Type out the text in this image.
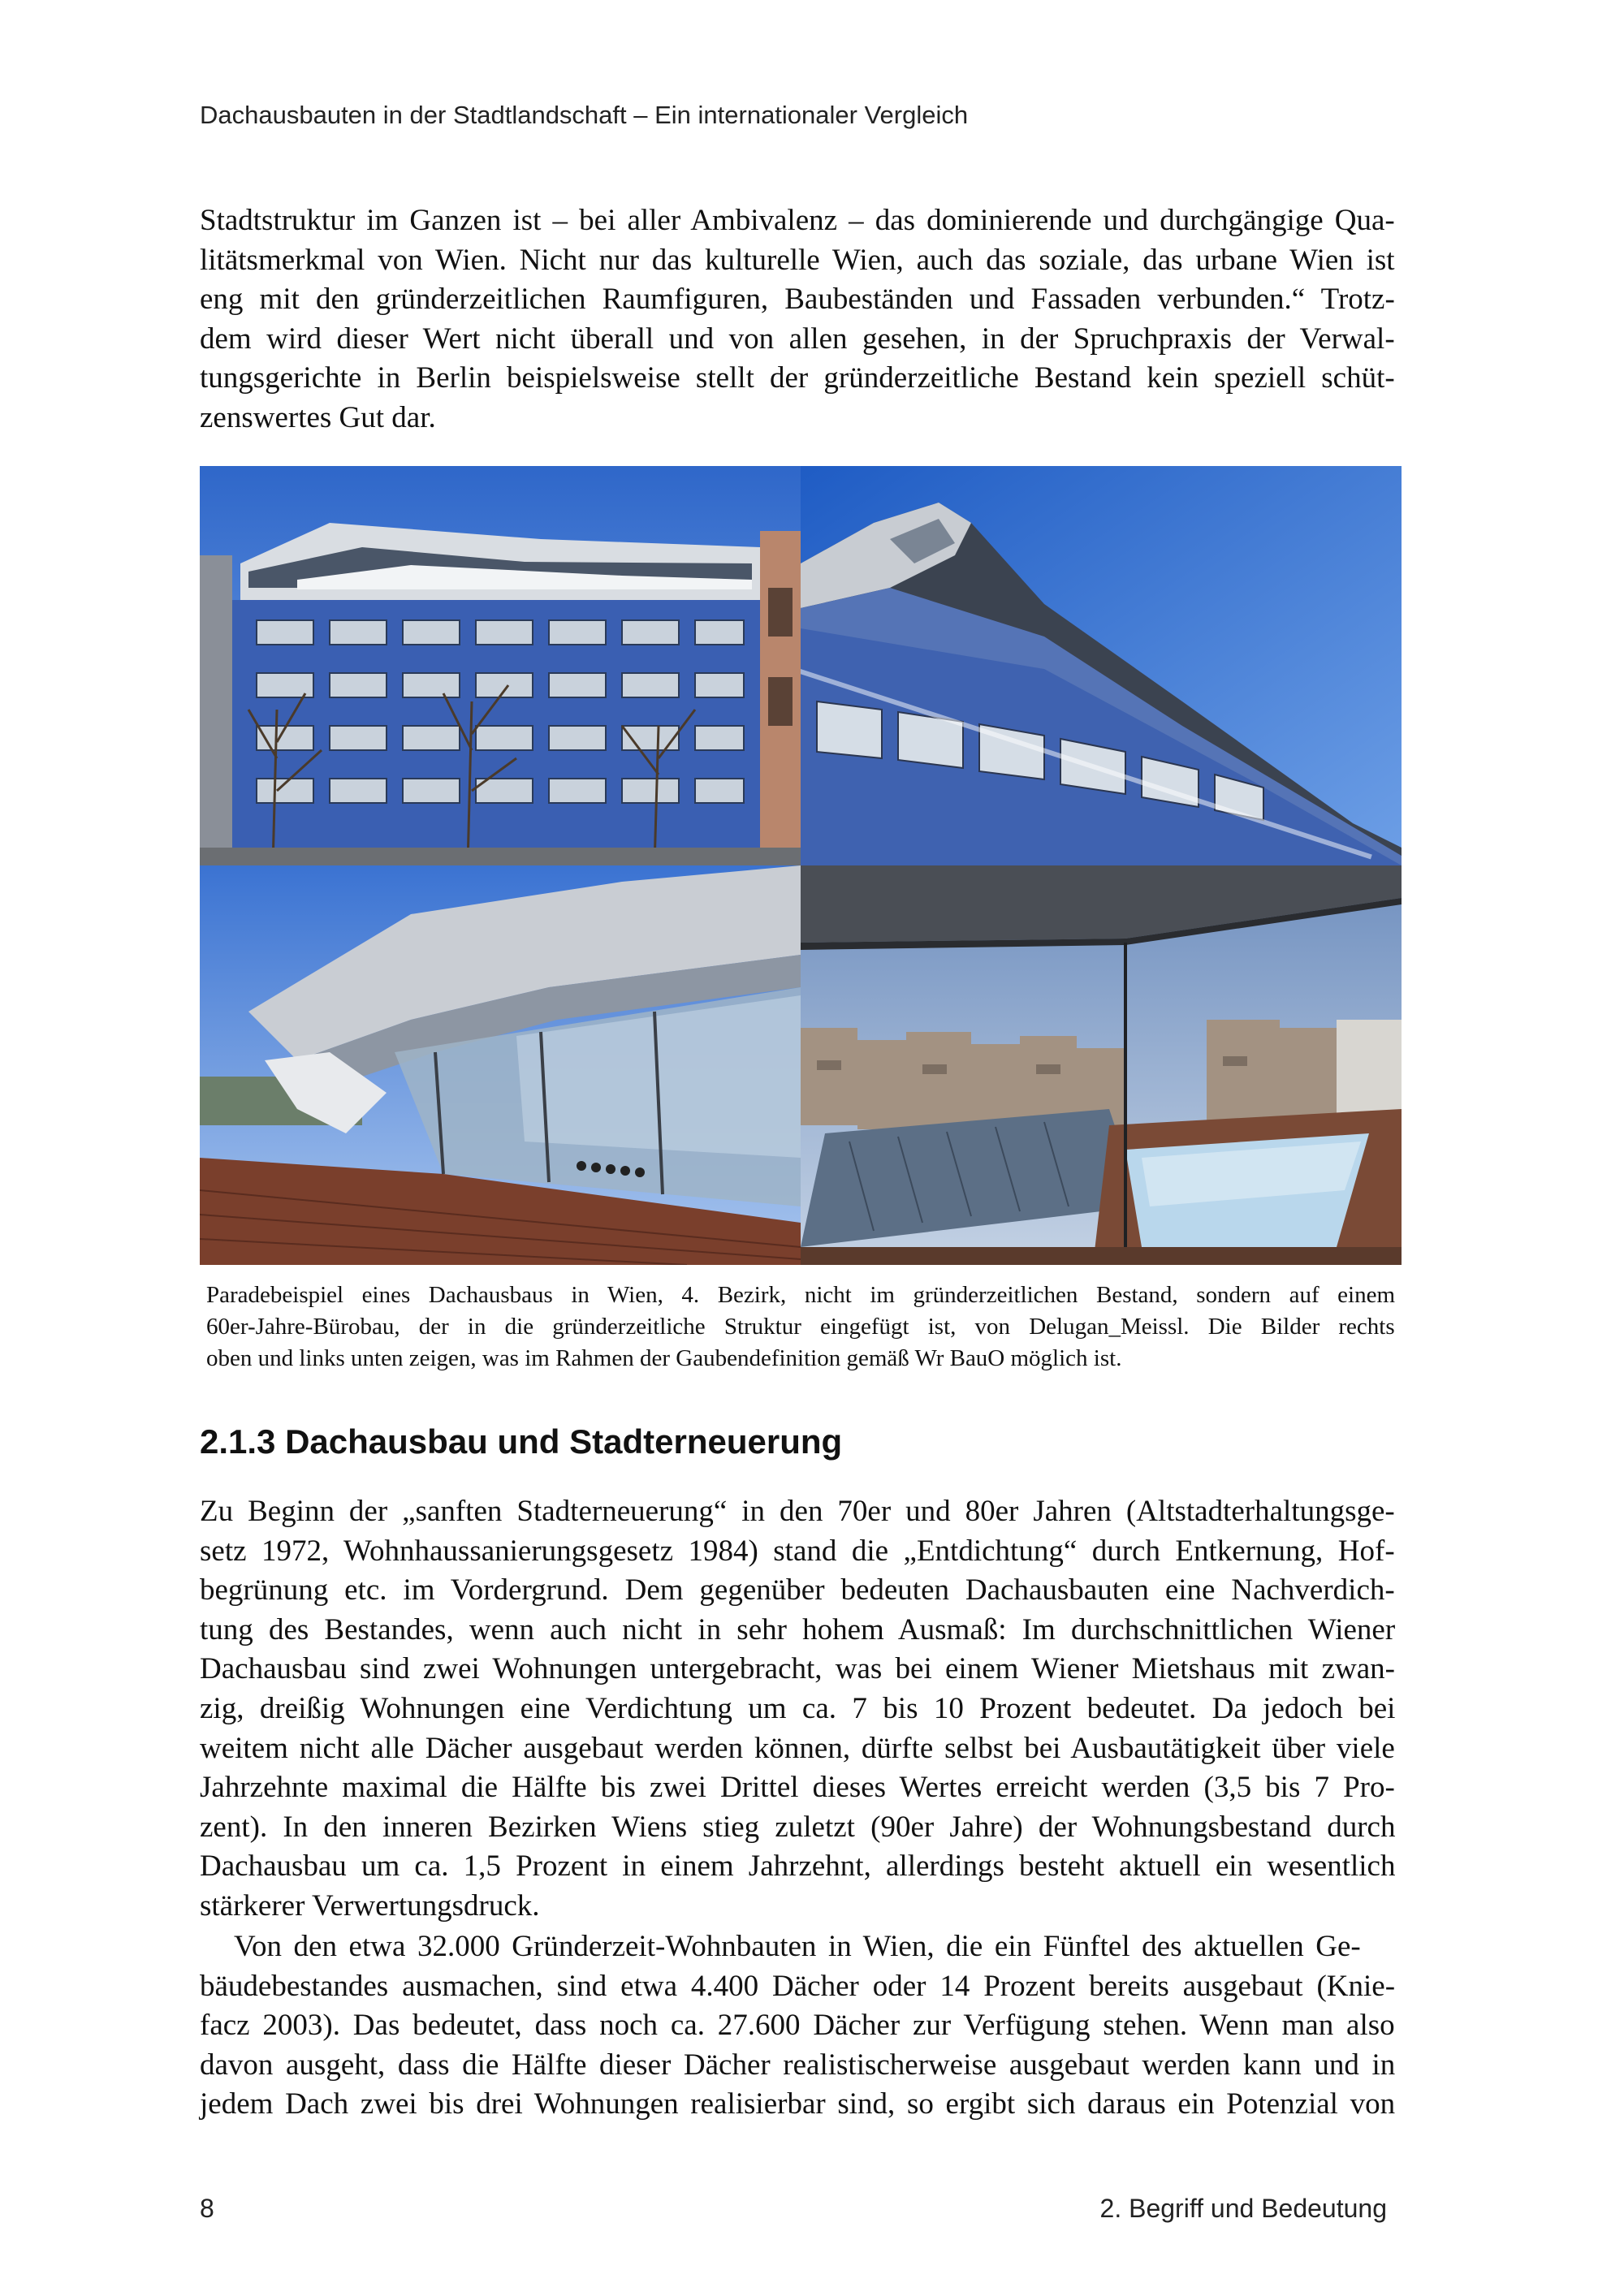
Dachausbauten in der Stadtlandschaft – Ein internationaler Vergleich
Stadtstruktur im Ganzen ist – bei aller Ambivalenz – das dominierende und durchgängige Qua-
litätsmerkmal von Wien. Nicht nur das kulturelle Wien, auch das soziale, das urbane Wien ist
eng mit den gründerzeitlichen Raumfiguren, Baubeständen und Fassaden verbunden.“ Trotz-
dem wird dieser Wert nicht überall und von allen gesehen, in der Spruchpraxis der Verwal-
tungsgerichte in Berlin beispielsweise stellt der gründerzeitliche Bestand kein speziell schüt-
zenswertes Gut dar.
Paradebeispiel eines Dachausbaus in Wien, 4. Bezirk, nicht im gründerzeitlichen Bestand, sondern auf einem
60er-Jahre-Bürobau, der in die gründerzeitliche Struktur eingefügt ist, von Delugan_Meissl. Die Bilder rechts
oben und links unten zeigen, was im Rahmen der Gaubendefinition gemäß Wr BauO möglich ist.
2.1.3 Dachausbau und Stadterneuerung
Zu Beginn der „sanften Stadterneuerung“ in den 70er und 80er Jahren (Altstadterhaltungsge-
setz 1972, Wohnhaussanierungsgesetz 1984) stand die „Entdichtung“ durch Entkernung, Hof-
begrünung etc. im Vordergrund. Dem gegenüber bedeuten Dachausbauten eine Nachverdich-
tung des Bestandes, wenn auch nicht in sehr hohem Ausmaß: Im durchschnittlichen Wiener
Dachausbau sind zwei Wohnungen untergebracht, was bei einem Wiener Mietshaus mit zwan-
zig, dreißig Wohnungen eine Verdichtung um ca. 7 bis 10 Prozent bedeutet. Da jedoch bei
weitem nicht alle Dächer ausgebaut werden können, dürfte selbst bei Ausbautätigkeit über viele
Jahrzehnte maximal die Hälfte bis zwei Drittel dieses Wertes erreicht werden (3,5 bis 7 Pro-
zent). In den inneren Bezirken Wiens stieg zuletzt (90er Jahre) der Wohnungsbestand durch
Dachausbau um ca. 1,5 Prozent in einem Jahrzehnt, allerdings besteht aktuell ein wesentlich
stärkerer Verwertungsdruck.
Von den etwa 32.000 Gründerzeit-Wohnbauten in Wien, die ein Fünftel des aktuellen Ge-
bäudebestandes ausmachen, sind etwa 4.400 Dächer oder 14 Prozent bereits ausgebaut (Knie-
facz 2003). Das bedeutet, dass noch ca. 27.600 Dächer zur Verfügung stehen. Wenn man also
davon ausgeht, dass die Hälfte dieser Dächer realistischerweise ausgebaut werden kann und in
jedem Dach zwei bis drei Wohnungen realisierbar sind, so ergibt sich daraus ein Potenzial von
8	2. Begriff und Bedeutung
